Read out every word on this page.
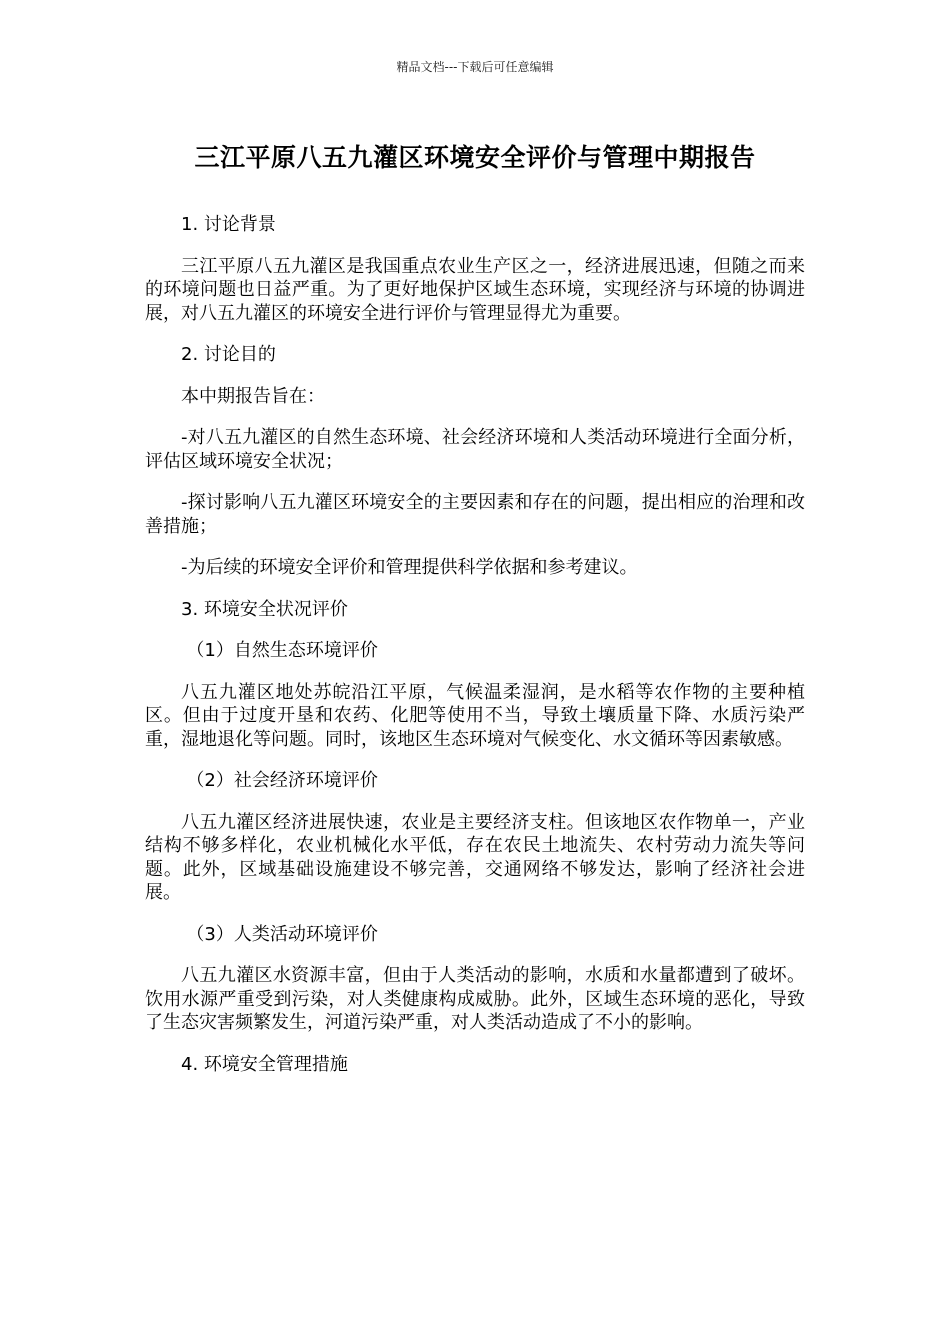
精品文档---下载后可任意编辑
三江平原八五九灌区环境安全评价与管理中期报告

1. 讨论背景

三江平原八五九灌区是我国重点农业生产区之一，经济进展迅速，但随之而来的环境问题也日益严重。为了更好地保护区域生态环境，实现经济与环境的协调进展，对八五九灌区的环境安全进行评价与管理显得尤为重要。

2. 讨论目的

本中期报告旨在：

-对八五九灌区的自然生态环境、社会经济环境和人类活动环境进行全面分析，评估区域环境安全状况；

-探讨影响八五九灌区环境安全的主要因素和存在的问题，提出相应的治理和改善措施；

-为后续的环境安全评价和管理提供科学依据和参考建议。

3. 环境安全状况评价

（1）自然生态环境评价

八五九灌区地处苏皖沿江平原，气候温柔湿润，是水稻等农作物的主要种植区。但由于过度开垦和农药、化肥等使用不当，导致土壤质量下降、水质污染严重，湿地退化等问题。同时，该地区生态环境对气候变化、水文循环等因素敏感。

（2）社会经济环境评价

八五九灌区经济进展快速，农业是主要经济支柱。但该地区农作物单一，产业结构不够多样化，农业机械化水平低，存在农民土地流失、农村劳动力流失等问题。此外，区域基础设施建设不够完善，交通网络不够发达，影响了经济社会进展。

（3）人类活动环境评价

八五九灌区水资源丰富，但由于人类活动的影响，水质和水量都遭到了破坏。饮用水源严重受到污染，对人类健康构成威胁。此外，区域生态环境的恶化，导致了生态灾害频繁发生，河道污染严重，对人类活动造成了不小的影响。

4. 环境安全管理措施
